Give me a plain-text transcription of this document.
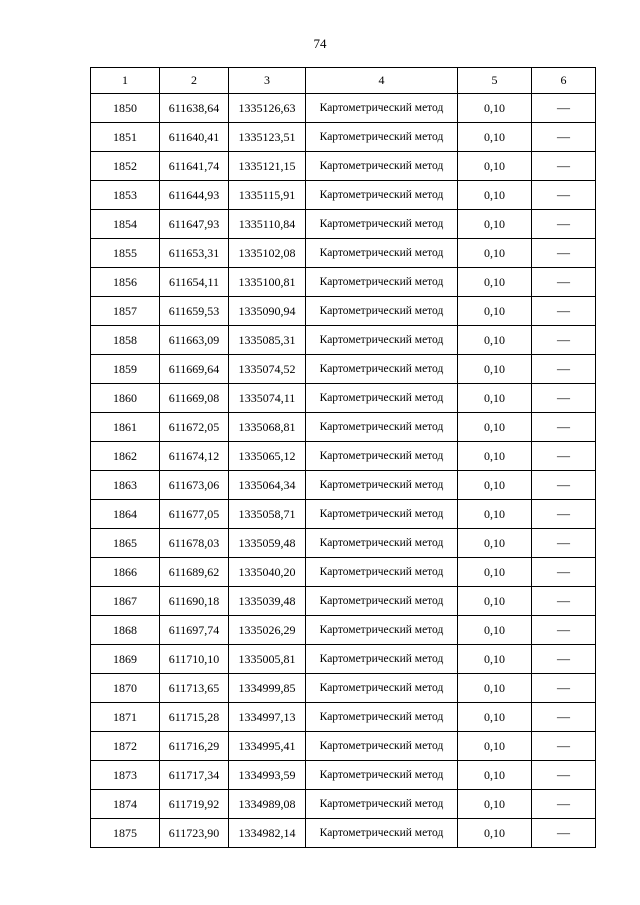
74
1	2	3	4	5	6
1850	611638,64	1335126,63	Картометрический метод	0,10	—
1851	611640,41	1335123,51	Картометрический метод	0,10	—
1852	611641,74	1335121,15	Картометрический метод	0,10	—
1853	611644,93	1335115,91	Картометрический метод	0,10	—
1854	611647,93	1335110,84	Картометрический метод	0,10	—
1855	611653,31	1335102,08	Картометрический метод	0,10	—
1856	611654,11	1335100,81	Картометрический метод	0,10	—
1857	611659,53	1335090,94	Картометрический метод	0,10	—
1858	611663,09	1335085,31	Картометрический метод	0,10	—
1859	611669,64	1335074,52	Картометрический метод	0,10	—
1860	611669,08	1335074,11	Картометрический метод	0,10	—
1861	611672,05	1335068,81	Картометрический метод	0,10	—
1862	611674,12	1335065,12	Картометрический метод	0,10	—
1863	611673,06	1335064,34	Картометрический метод	0,10	—
1864	611677,05	1335058,71	Картометрический метод	0,10	—
1865	611678,03	1335059,48	Картометрический метод	0,10	—
1866	611689,62	1335040,20	Картометрический метод	0,10	—
1867	611690,18	1335039,48	Картометрический метод	0,10	—
1868	611697,74	1335026,29	Картометрический метод	0,10	—
1869	611710,10	1335005,81	Картометрический метод	0,10	—
1870	611713,65	1334999,85	Картометрический метод	0,10	—
1871	611715,28	1334997,13	Картометрический метод	0,10	—
1872	611716,29	1334995,41	Картометрический метод	0,10	—
1873	611717,34	1334993,59	Картометрический метод	0,10	—
1874	611719,92	1334989,08	Картометрический метод	0,10	—
1875	611723,90	1334982,14	Картометрический метод	0,10	—
